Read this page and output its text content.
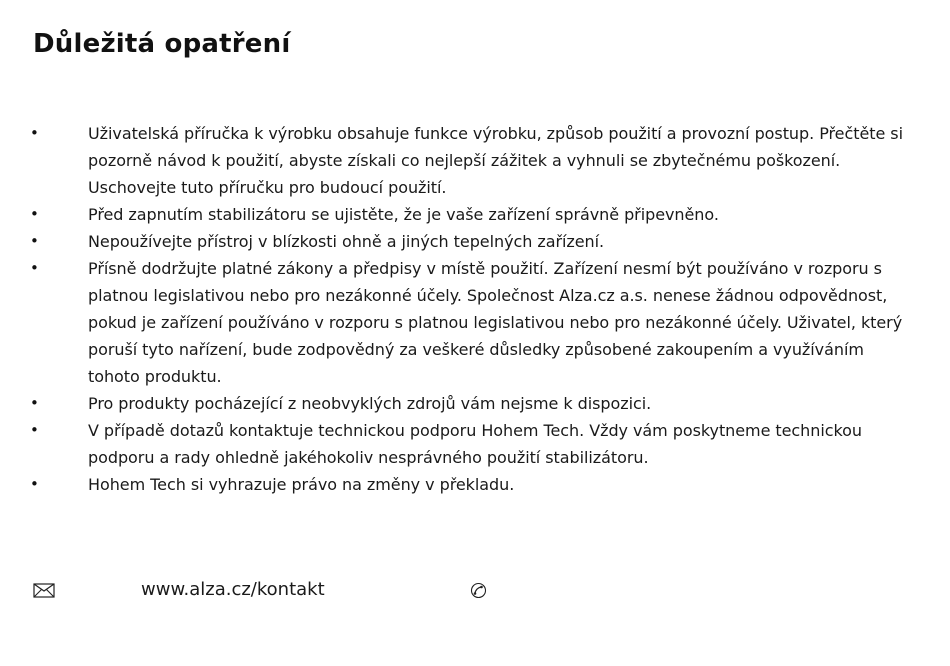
Důležitá opatření
•	Uživatelská příručka k výrobku obsahuje funkce výrobku, způsob použití a provozní postup. Přečtěte si pozorně návod k použití, abyste získali co nejlepší zážitek a vyhnuli se zbytečnému poškození. Uschovejte tuto příručku pro budoucí použití.
•	Před zapnutím stabilizátoru se ujistěte, že je vaše zařízení správně připevněno.
•	Nepoužívejte přístroj v blízkosti ohně a jiných tepelných zařízení.
•	Přísně dodržujte platné zákony a předpisy v místě použití. Zařízení nesmí být používáno v rozporu s platnou legislativou nebo pro nezákonné účely. Společnost Alza.cz a.s. nenese žádnou odpovědnost, pokud je zařízení používáno v rozporu s platnou legislativou nebo pro nezákonné účely. Uživatel, který poruší tyto nařízení, bude zodpovědný za veškeré důsledky způsobené zakoupením a využíváním tohoto produktu.
•	Pro produkty pocházející z neobvyklých zdrojů vám nejsme k dispozici.
•	V případě dotazů kontaktuje technickou podporu Hohem Tech. Vždy vám poskytneme technickou podporu a rady ohledně jakéhokoliv nesprávného použití stabilizátoru.
•	Hohem Tech si vyhrazuje právo na změny v překladu.
www.alza.cz/kontakt
